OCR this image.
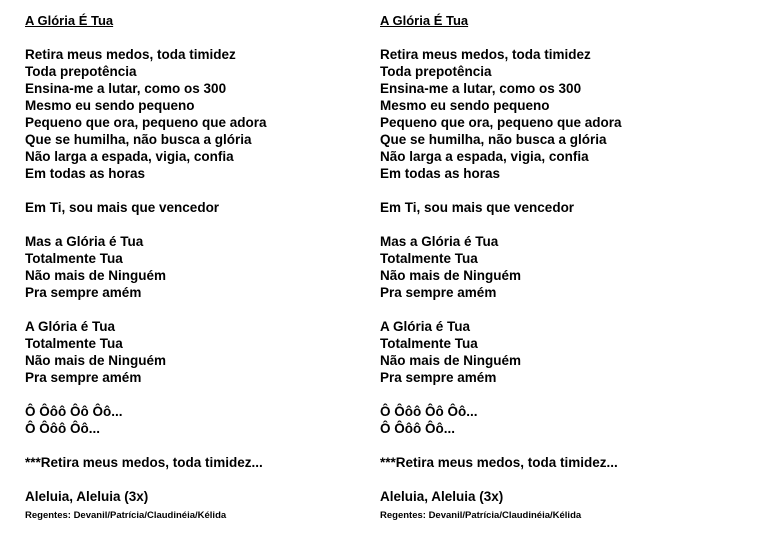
A Glória É Tua
Retira meus medos, toda timidez
Toda prepotência
Ensina-me a lutar, como os 300
Mesmo eu sendo pequeno
Pequeno que ora, pequeno que adora
Que se humilha, não busca a glória
Não larga a espada, vigia, confia
Em todas as horas
Em Ti, sou mais que vencedor
Mas a Glória é Tua
Totalmente Tua
Não mais de Ninguém
Pra sempre amém
A Glória é Tua
Totalmente Tua
Não mais de Ninguém
Pra sempre amém
Ô Ôôô Ôô Ôô...
Ô Ôôô Ôô...
***Retira meus medos, toda timidez...
Aleluia, Aleluia (3x)
Regentes: Devanil/Patrícia/Claudinéia/Kélida
A Glória É Tua
Retira meus medos, toda timidez
Toda prepotência
Ensina-me a lutar, como os 300
Mesmo eu sendo pequeno
Pequeno que ora, pequeno que adora
Que se humilha, não busca a glória
Não larga a espada, vigia, confia
Em todas as horas
Em Ti, sou mais que vencedor
Mas a Glória é Tua
Totalmente Tua
Não mais de Ninguém
Pra sempre amém
A Glória é Tua
Totalmente Tua
Não mais de Ninguém
Pra sempre amém
Ô Ôôô Ôô Ôô...
Ô Ôôô Ôô...
***Retira meus medos, toda timidez...
Aleluia, Aleluia (3x)
Regentes: Devanil/Patrícia/Claudinéia/Kélida
